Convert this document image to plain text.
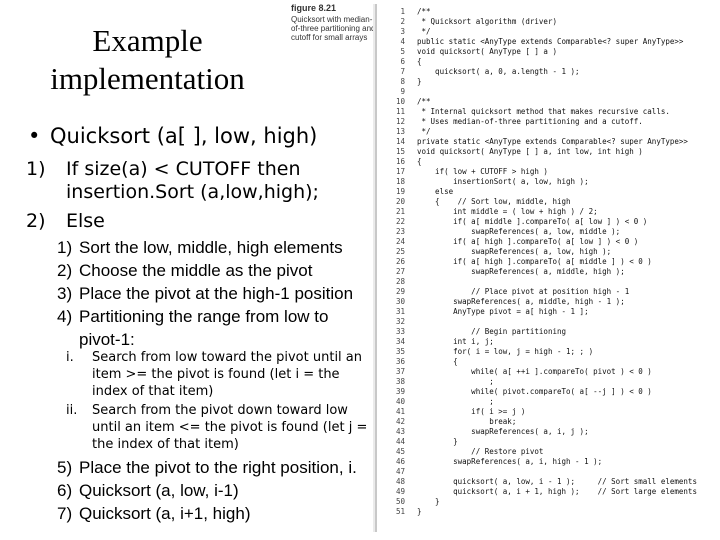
Example
implementation
• Quicksort (a[ ], low, high)
1)	If size(a) < CUTOFF then insertion.Sort (a,low,high);
2)	Else
1) Sort the low, middle, high elements
2) Choose the middle as the pivot
3) Place the pivot at the high-1 position
4) Partitioning the range from low to pivot-1:
i.	Search from low toward the pivot until an item >= the pivot is found (let i = the index of that item)
ii.	Search from the pivot down toward low until an item <= the pivot is found (let j = the index of that item)
5) Place the pivot to the right position, i.
6) Quicksort (a, low, i-1)
7) Quicksort (a, i+1, high)
figure 8.21
Quicksort with median-of-three partitioning and cutoff for small arrays
1 /**
2 * Quicksort algorithm (driver)
3 */
4 public static <AnyType extends Comparable<? super AnyType>>
5 void quicksort( AnyType [ ] a )
6 {
7    quicksort( a, 0, a.length - 1 );
8 }
9
10 /**
11 * Internal quicksort method that makes recursive calls.
12 * Uses median-of-three partitioning and a cutoff.
13 */
14 private static <AnyType extends Comparable<? super AnyType>>
15 void quicksort( AnyType [ ] a, int low, int high )
16 {
17    if( low + CUTOFF > high )
18        insertionSort( a, low, high );
19    else
20    {    // Sort low, middle, high
21        int middle = ( low + high ) / 2;
22        if( a[ middle ].compareTo( a[ low ] ) < 0 )
23            swapReferences( a, low, middle );
24        if( a[ high ].compareTo( a[ low ] ) < 0 )
25            swapReferences( a, low, high );
26        if( a[ high ].compareTo( a[ middle ] ) < 0 )
27            swapReferences( a, middle, high );
28
29            // Place pivot at position high - 1
30        swapReferences( a, middle, high - 1 );
31        AnyType pivot = a[ high - 1 ];
32
33            // Begin partitioning
34        int i, j;
35        for( i = low, j = high - 1; ; )
36        {
37            while( a[ ++i ].compareTo( pivot ) < 0 )
38                ;
39            while( pivot.compareTo( a[ --j ] ) < 0 )
40                ;
41            if( i >= j )
42                break;
43            swapReferences( a, i, j );
44        }
45            // Restore pivot
46        swapReferences( a, i, high - 1 );
47
48        quicksort( a, low, i - 1 );     // Sort small elements
49        quicksort( a, i + 1, high );    // Sort large elements
50    }
51 }
